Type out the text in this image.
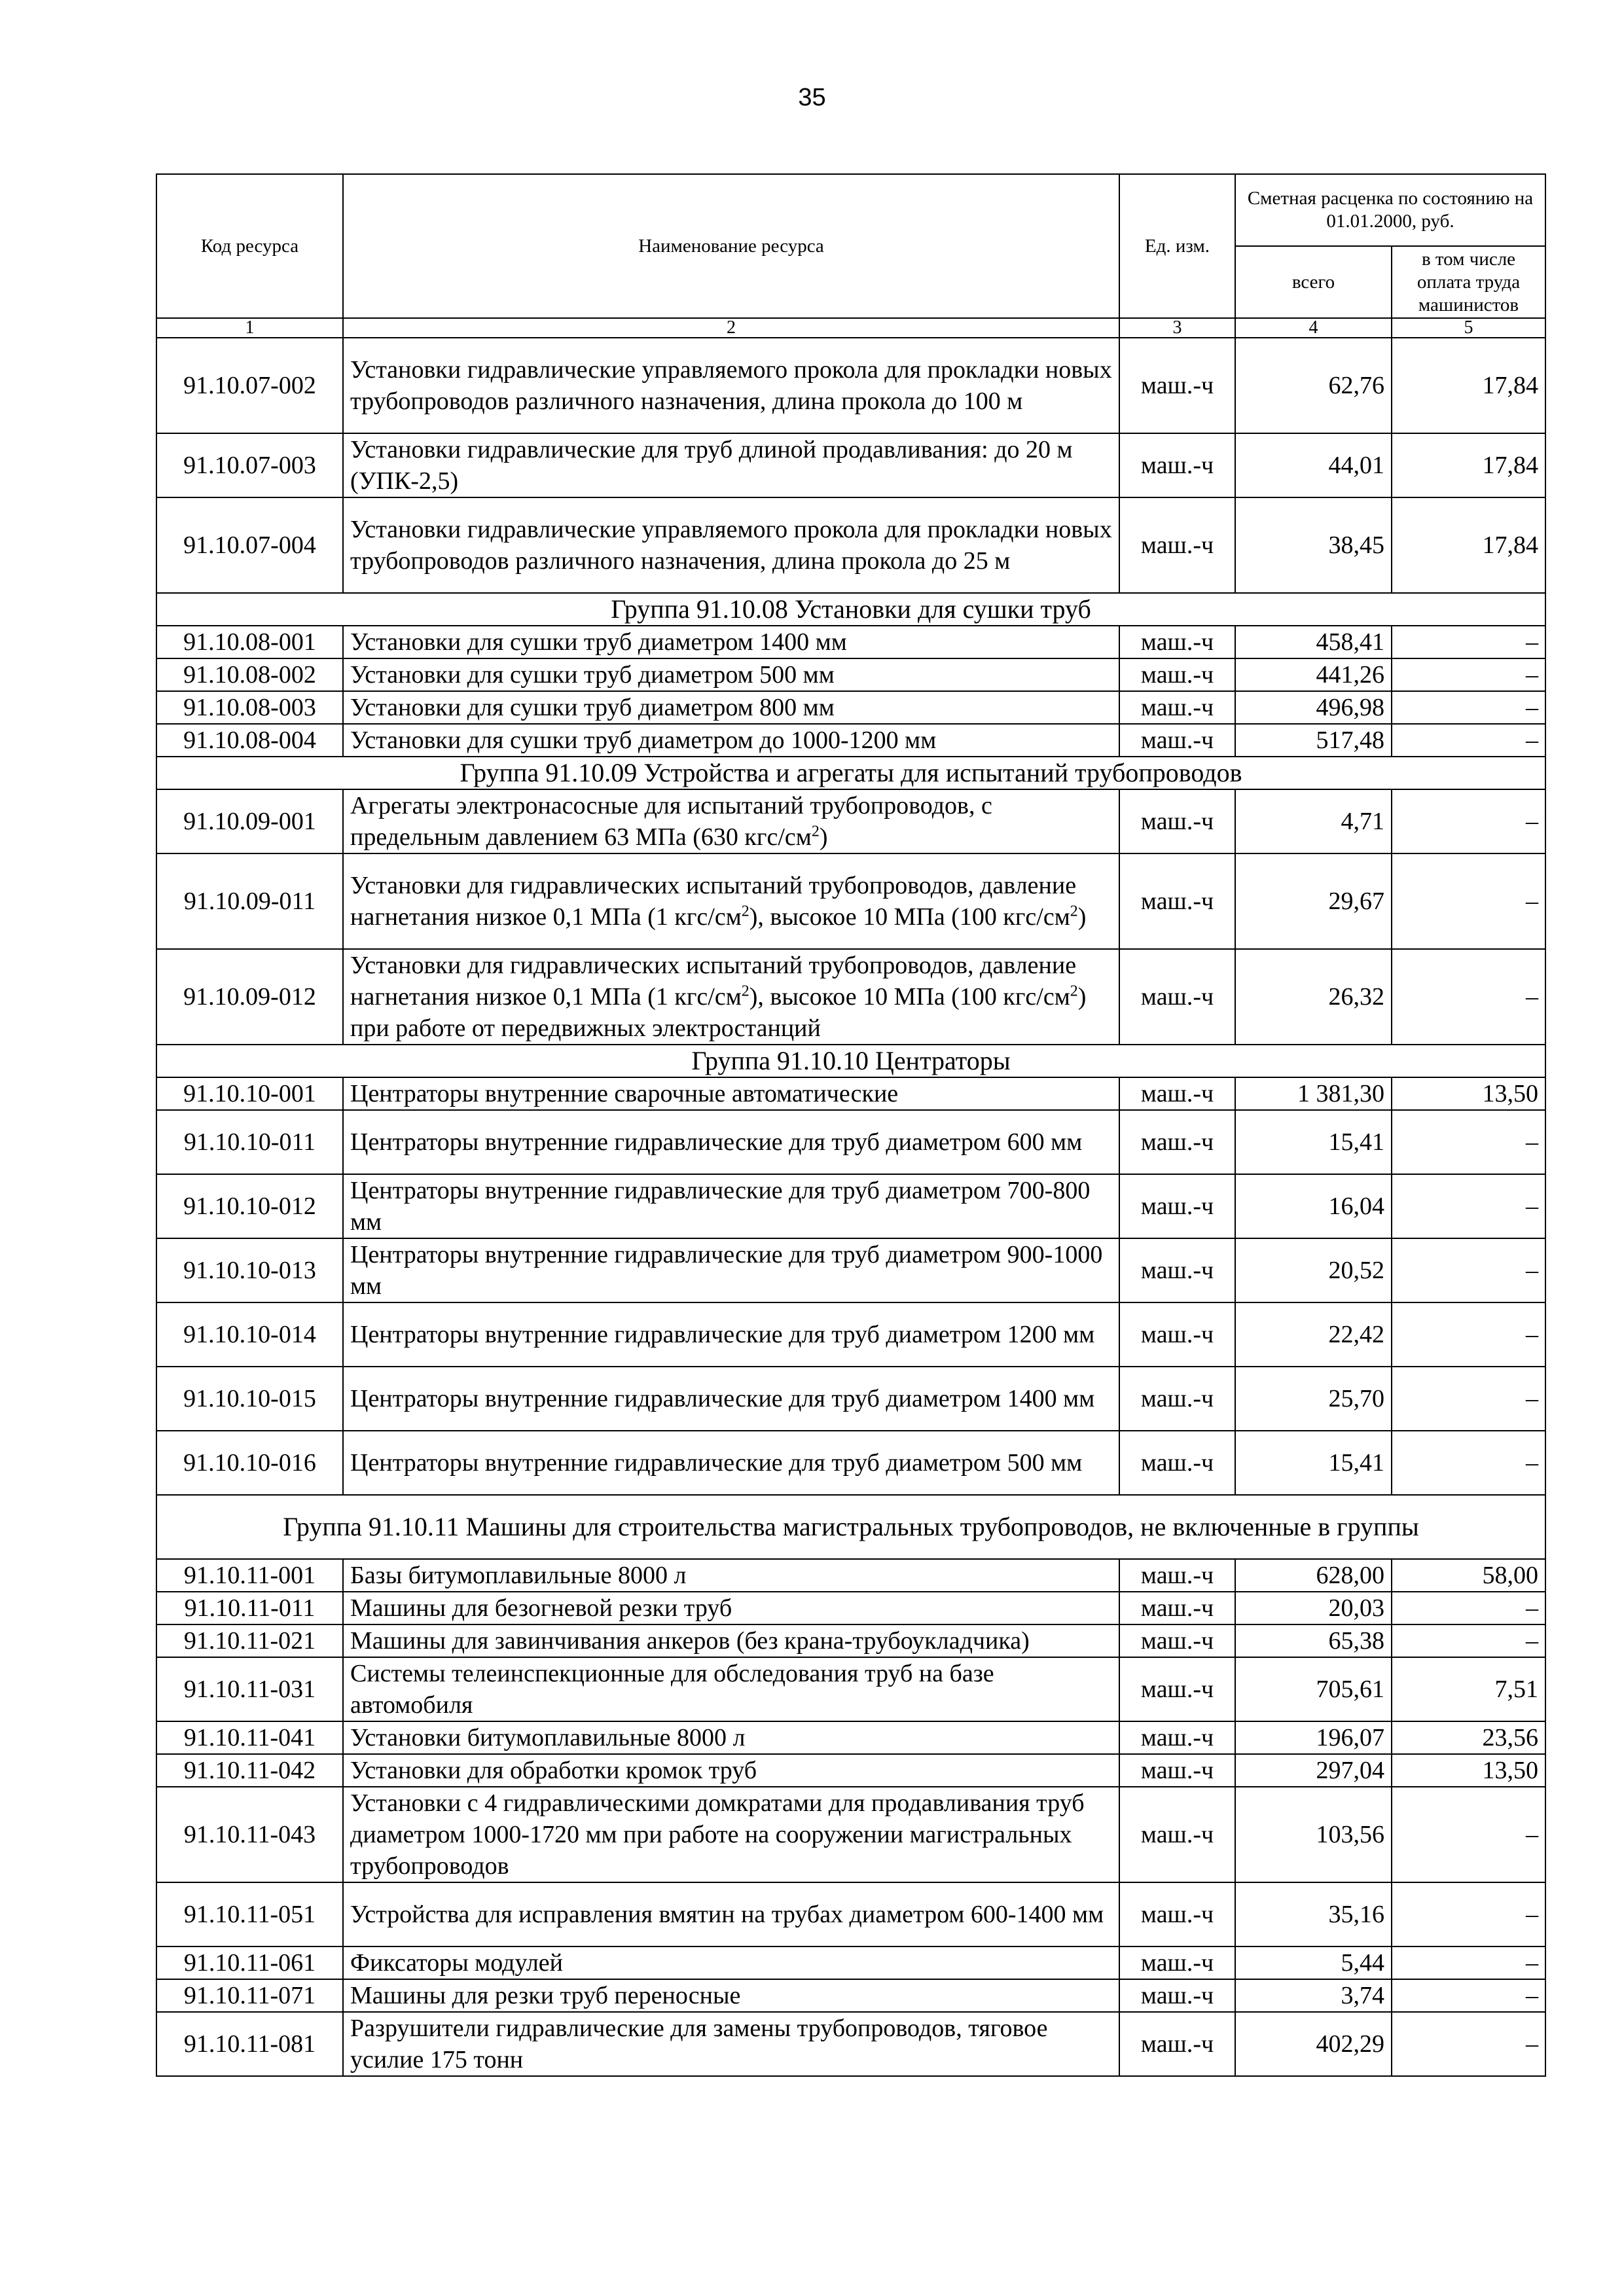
35
Код ресурса	Наименование ресурса	Ед. изм.	Сметная расценка по состоянию на 01.01.2000, руб.	
			всего	в том числе оплата труда машинистов
1	2	3	4	5
91.10.07-002	Установки гидравлические управляемого прокола для прокладки новых трубопроводов различного назначения, длина прокола до 100 м	маш.-ч	62,76	17,84
91.10.07-003	Установки гидравлические для труб длиной продавливания: до 20 м (УПК-2,5)	маш.-ч	44,01	17,84
91.10.07-004	Установки гидравлические управляемого прокола для прокладки новых трубопроводов различного назначения, длина прокола до 25 м	маш.-ч	38,45	17,84
Группа 91.10.08 Установки для сушки труб				
91.10.08-001	Установки для сушки труб диаметром 1400 мм	маш.-ч	458,41	–
91.10.08-002	Установки для сушки труб диаметром 500 мм	маш.-ч	441,26	–
91.10.08-003	Установки для сушки труб диаметром 800 мм	маш.-ч	496,98	–
91.10.08-004	Установки для сушки труб диаметром до 1000-1200 мм	маш.-ч	517,48	–
Группа 91.10.09 Устройства и агрегаты для испытаний трубопроводов				
91.10.09-001	Агрегаты электронасосные для испытаний трубопроводов, с предельным давлением 63 МПа (630 кгс/$см^2$)	маш.-ч	4,71	–
91.10.09-011	Установки для гидравлических испытаний трубопроводов, давление нагнетания низкое 0,1 МПа (1 кгс/$см^2$), высокое 10 МПа (100 кгс/$см^2$)	маш.-ч	29,67	–
91.10.09-012	Установки для гидравлических испытаний трубопроводов, давление нагнетания низкое 0,1 МПа (1 кгс/$см^2$), высокое 10 МПа (100 кгс/$см^2$) при работе от передвижных электростанций	маш.-ч	26,32	–
Группа 91.10.10 Центраторы				
91.10.10-001	Центраторы внутренние сварочные автоматические	маш.-ч	1 381,30	13,50
91.10.10-011	Центраторы внутренние гидравлические для труб диаметром 600 мм	маш.-ч	15,41	–
91.10.10-012	Центраторы внутренние гидравлические для труб диаметром 700-800 мм	маш.-ч	16,04	–
91.10.10-013	Центраторы внутренние гидравлические для труб диаметром 900-1000 мм	маш.-ч	20,52	–
91.10.10-014	Центраторы внутренние гидравлические для труб диаметром 1200 мм	маш.-ч	22,42	–
91.10.10-015	Центраторы внутренние гидравлические для труб диаметром 1400 мм	маш.-ч	25,70	–
91.10.10-016	Центраторы внутренние гидравлические для труб диаметром 500 мм	маш.-ч	15,41	–
Группа 91.10.11 Машины для строительства магистральных трубопроводов, не включенные в группы				
91.10.11-001	Базы битумоплавильные 8000 л	маш.-ч	628,00	58,00
91.10.11-011	Машины для безогневой резки труб	маш.-ч	20,03	–
91.10.11-021	Машины для завинчивания анкеров (без крана-трубоукладчика)	маш.-ч	65,38	–
91.10.11-031	Системы телеинспекционные для обследования труб на базе автомобиля	маш.-ч	705,61	7,51
91.10.11-041	Установки битумоплавильные 8000 л	маш.-ч	196,07	23,56
91.10.11-042	Установки для обработки кромок труб	маш.-ч	297,04	13,50
91.10.11-043	Установки с 4 гидравлическими домкратами для продавливания труб диаметром 1000-1720 мм при работе на сооружении магистральных трубопроводов	маш.-ч	103,56	–
91.10.11-051	Устройства для исправления вмятин на трубах диаметром 600-1400 мм	маш.-ч	35,16	–
91.10.11-061	Фиксаторы модулей	маш.-ч	5,44	–
91.10.11-071	Машины для резки труб переносные	маш.-ч	3,74	–
91.10.11-081	Разрушители гидравлические для замены трубопроводов, тяговое усилие 175 тонн	маш.-ч	402,29	–
